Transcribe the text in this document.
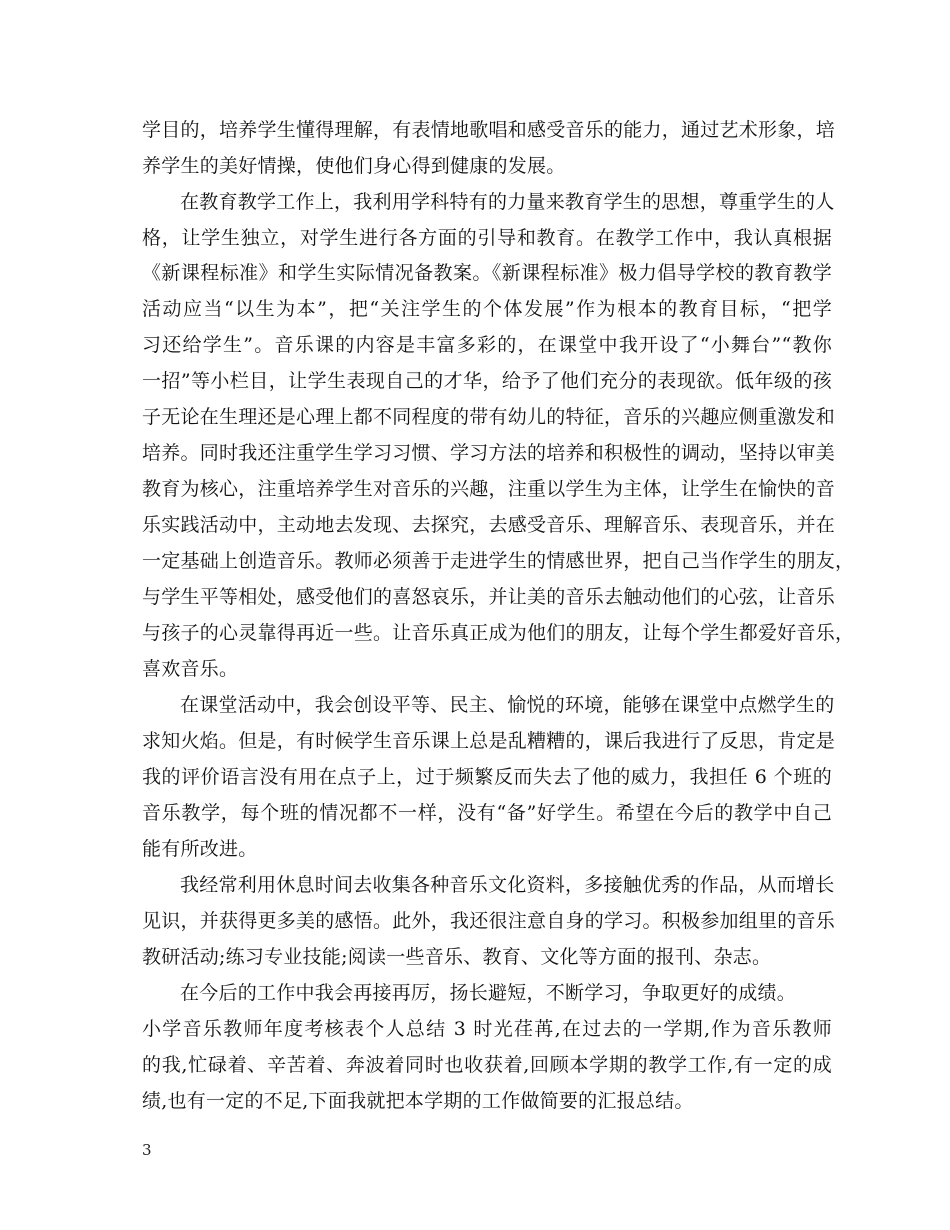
学目的，培养学生懂得理解，有表情地歌唱和感受音乐的能力，通过艺术形象，培
养学生的美好情操，使他们身心得到健康的发展。
在教育教学工作上，我利用学科特有的力量来教育学生的思想，尊重学生的人
格，让学生独立，对学生进行各方面的引导和教育。在教学工作中，我认真根据
《新课程标准》和学生实际情况备教案。《新课程标准》极力倡导学校的教育教学
活动应当“以生为本”，把“关注学生的个体发展”作为根本的教育目标，“把学
习还给学生”。音乐课的内容是丰富多彩的，在课堂中我开设了“小舞台”“教你
一招”等小栏目，让学生表现自己的才华，给予了他们充分的表现欲。低年级的孩
子无论在生理还是心理上都不同程度的带有幼儿的特征，音乐的兴趣应侧重激发和
培养。同时我还注重学生学习习惯、学习方法的培养和积极性的调动，坚持以审美
教育为核心，注重培养学生对音乐的兴趣，注重以学生为主体，让学生在愉快的音
乐实践活动中，主动地去发现、去探究，去感受音乐、理解音乐、表现音乐，并在
一定基础上创造音乐。教师必须善于走进学生的情感世界，把自己当作学生的朋友，
与学生平等相处，感受他们的喜怒哀乐，并让美的音乐去触动他们的心弦，让音乐
与孩子的心灵靠得再近一些。让音乐真正成为他们的朋友，让每个学生都爱好音乐，
喜欢音乐。
在课堂活动中，我会创设平等、民主、愉悦的环境，能够在课堂中点燃学生的
求知火焰。但是，有时候学生音乐课上总是乱糟糟的，课后我进行了反思，肯定是
我的评价语言没有用在点子上，过于频繁反而失去了他的威力，我担任 6 个班的
音乐教学，每个班的情况都不一样，没有“备”好学生。希望在今后的教学中自己
能有所改进。
我经常利用休息时间去收集各种音乐文化资料，多接触优秀的作品，从而增长
见识，并获得更多美的感悟。此外，我还很注意自身的学习。积极参加组里的音乐
教研活动;练习专业技能;阅读一些音乐、教育、文化等方面的报刊、杂志。
在今后的工作中我会再接再厉，扬长避短，不断学习，争取更好的成绩。
小学音乐教师年度考核表个人总结 3 时光荏苒,在过去的一学期,作为音乐教师
的我,忙碌着、辛苦着、奔波着同时也收获着,回顾本学期的教学工作,有一定的成
绩,也有一定的不足,下面我就把本学期的工作做简要的汇报总结。
3
